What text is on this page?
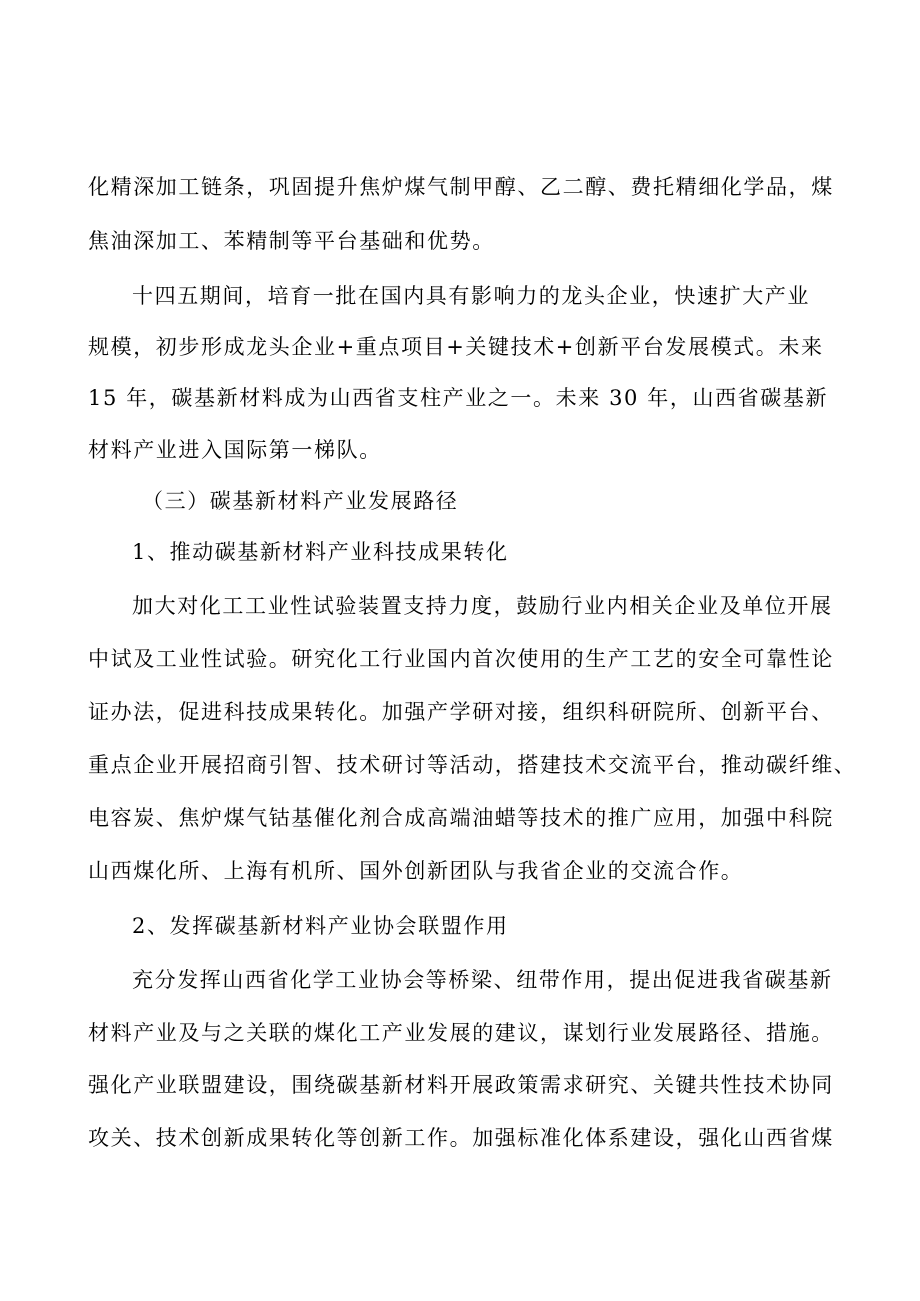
化精深加工链条，巩固提升焦炉煤气制甲醇、乙二醇、费托精细化学品，煤
焦油深加工、苯精制等平台基础和优势。
十四五期间，培育一批在国内具有影响力的龙头企业，快速扩大产业
规模，初步形成龙头企业+重点项目+关键技术+创新平台发展模式。未来
15 年，碳基新材料成为山西省支柱产业之一。未来 30 年，山西省碳基新
材料产业进入国际第一梯队。
（三）碳基新材料产业发展路径
1、推动碳基新材料产业科技成果转化
加大对化工工业性试验装置支持力度，鼓励行业内相关企业及单位开展
中试及工业性试验。研究化工行业国内首次使用的生产工艺的安全可靠性论
证办法，促进科技成果转化。加强产学研对接，组织科研院所、创新平台、
重点企业开展招商引智、技术研讨等活动，搭建技术交流平台，推动碳纤维、
电容炭、焦炉煤气钴基催化剂合成高端油蜡等技术的推广应用，加强中科院
山西煤化所、上海有机所、国外创新团队与我省企业的交流合作。
2、发挥碳基新材料产业协会联盟作用
充分发挥山西省化学工业协会等桥梁、纽带作用，提出促进我省碳基新
材料产业及与之关联的煤化工产业发展的建议，谋划行业发展路径、措施。
强化产业联盟建设，围绕碳基新材料开展政策需求研究、关键共性技术协同
攻关、技术创新成果转化等创新工作。加强标准化体系建设，强化山西省煤
